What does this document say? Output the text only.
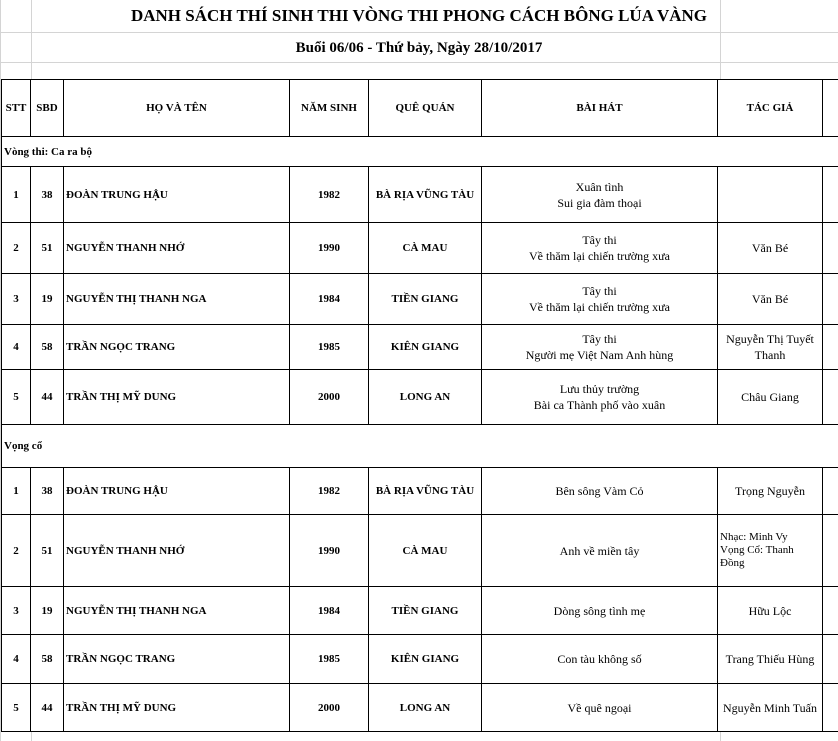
DANH SÁCH THÍ SINH THI VÒNG THI PHONG CÁCH BÔNG LÚA VÀNG
Buổi 06/06 - Thứ bảy, Ngày 28/10/2017
STT	SBD	HỌ VÀ TÊN	NĂM SINH	QUÊ QUÁN	BÀI HÁT	TÁC GIẢ	
Vòng thi: Ca ra bộ							
1	38	ĐOÀN TRUNG HẬU	1982	BÀ RỊA VŨNG TÀU	Xuân tình
Sui gia đàm thoại		

2	51	NGUYỄN THANH NHỚ	1990	CÀ MAU	Tây thi
Về thăm lại chiến trường xưa	Văn Bé	

3	19	NGUYỄN THỊ THANH NGA	1984	TIỀN GIANG	Tây thi
Về thăm lại chiến trường xưa	Văn Bé	

4	58	TRẦN NGỌC TRANG	1985	KIÊN GIANG	Tây thi
Người mẹ Việt Nam Anh hùng	Nguyễn Thị Tuyết
Thanh	

5	44	TRẦN THỊ MỸ DUNG	2000	LONG AN	Lưu thủy trường
Bài ca Thành phố vào xuân	Châu Giang	

Vọng cổ							
1	38	ĐOÀN TRUNG HẬU	1982	BÀ RỊA VŨNG TÀU	Bên sông Vàm Cỏ	Trọng Nguyễn	

2	51	NGUYỄN THANH NHỚ	1990	CÀ MAU	Anh về miền tây	Nhạc: Minh Vy
Vọng Cổ: Thanh Đồng	

3	19	NGUYỄN THỊ THANH NGA	1984	TIỀN GIANG	Dòng sông tình mẹ	Hữu Lộc	

4	58	TRẦN NGỌC TRANG	1985	KIÊN GIANG	Con tàu không số	Trang Thiếu Hùng	

5	44	TRẦN THỊ MỸ DUNG	2000	LONG AN	Về quê ngoại	Nguyễn Minh Tuấn	
